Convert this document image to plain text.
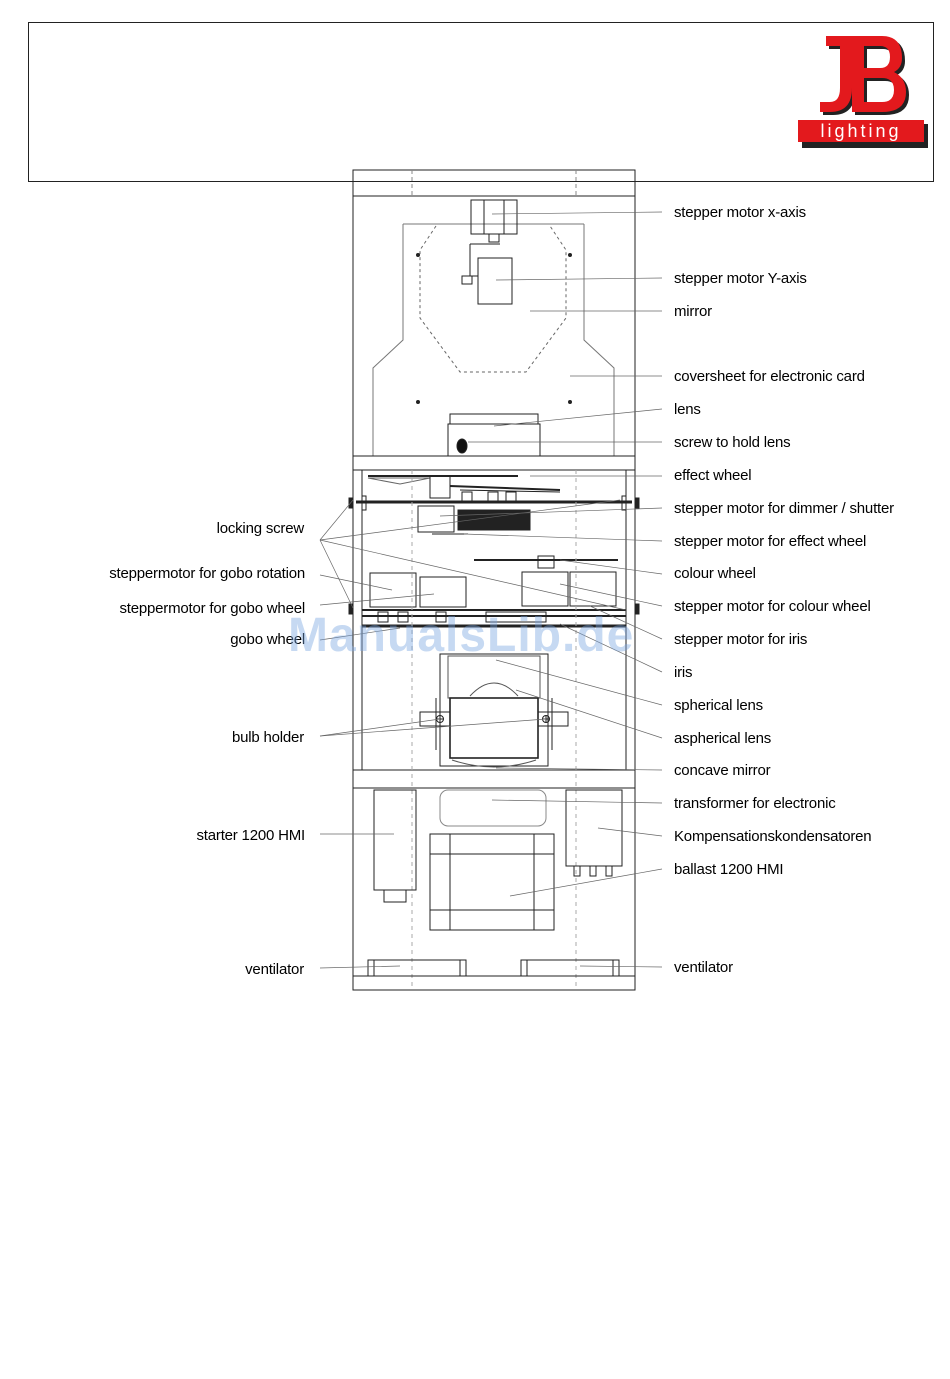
lighting
stepper motor x-axis
stepper motor Y-axis
mirror
coversheet for electronic card
lens
screw to hold lens
effect wheel
stepper motor for dimmer / shutter
stepper motor for effect wheel
colour wheel
stepper motor for colour wheel
stepper motor for iris
iris
spherical lens
aspherical lens
concave mirror
transformer for electronic
Kompensationskondensatoren
ballast 1200 HMI
ventilator
locking screw
steppermotor for gobo rotation
steppermotor for gobo wheel
gobo wheel
bulb holder
starter 1200 HMI
ventilator
ManualsLib.de
